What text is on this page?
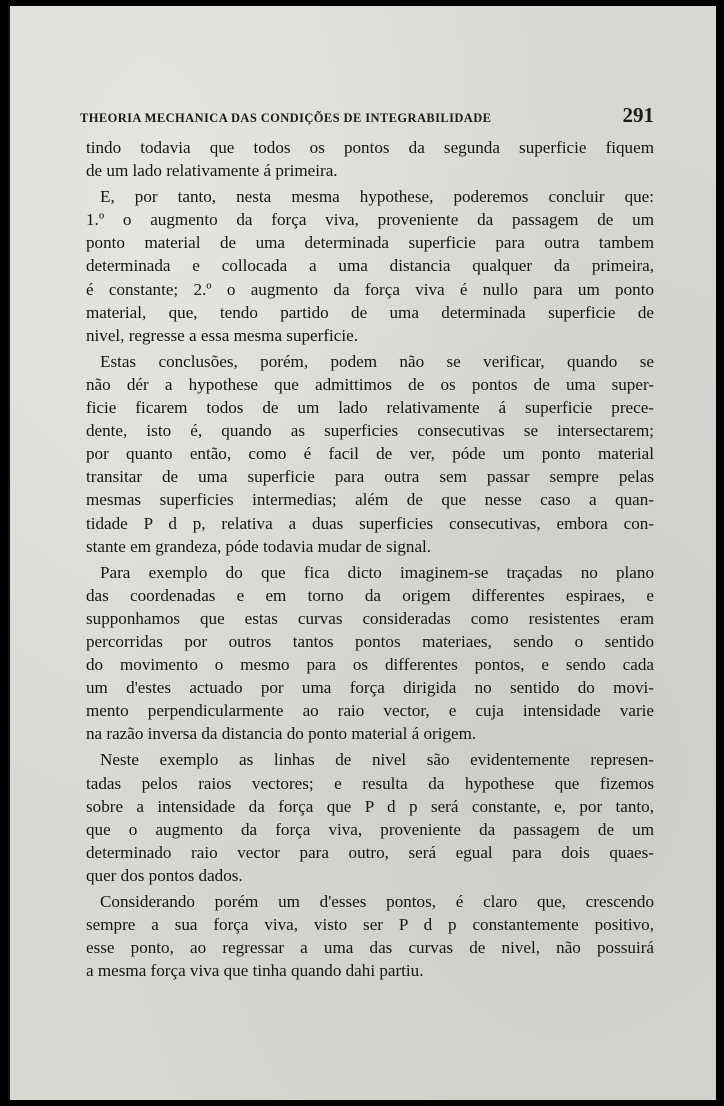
THEORIA MECHANICA DAS CONDIÇÕES DE INTEGRABILIDADE	291
tindo todavia que todos os pontos da segunda superficie fiquem
de um lado relativamente á primeira.
E, por tanto, nesta mesma hypothese, poderemos concluir que:
1.º o augmento da força viva, proveniente da passagem de um
ponto material de uma determinada superficie para outra tambem
determinada e collocada a uma distancia qualquer da primeira,
é constante; 2.º o augmento da força viva é nullo para um ponto
material, que, tendo partido de uma determinada superficie de
nivel, regresse a essa mesma superficie.
Estas conclusões, porém, podem não se verificar, quando se
não dér a hypothese que admittimos de os pontos de uma super-
ficie ficarem todos de um lado relativamente á superficie prece-
dente, isto é, quando as superficies consecutivas se intersectarem;
por quanto então, como é facil de ver, póde um ponto material
transitar de uma superficie para outra sem passar sempre pelas
mesmas superficies intermedias; além de que nesse caso a quan-
tidade P d p, relativa a duas superficies consecutivas, embora con-
stante em grandeza, póde todavia mudar de signal.
Para exemplo do que fica dicto imaginem-se traçadas no plano
das coordenadas e em torno da origem differentes espiraes, e
supponhamos que estas curvas consideradas como resistentes eram
percorridas por outros tantos pontos materiaes, sendo o sentido
do movimento o mesmo para os differentes pontos, e sendo cada
um d'estes actuado por uma força dirigida no sentido do movi-
mento perpendicularmente ao raio vector, e cuja intensidade varie
na razão inversa da distancia do ponto material á origem.
Neste exemplo as linhas de nivel são evidentemente represen-
tadas pelos raios vectores; e resulta da hypothese que fizemos
sobre a intensidade da força que P d p será constante, e, por tanto,
que o augmento da força viva, proveniente da passagem de um
determinado raio vector para outro, será egual para dois quaes-
quer dos pontos dados.
Considerando porém um d'esses pontos, é claro que, crescendo
sempre a sua força viva, visto ser P d p constantemente positivo,
esse ponto, ao regressar a uma das curvas de nivel, não possuirá
a mesma força viva que tinha quando dahi partiu.
